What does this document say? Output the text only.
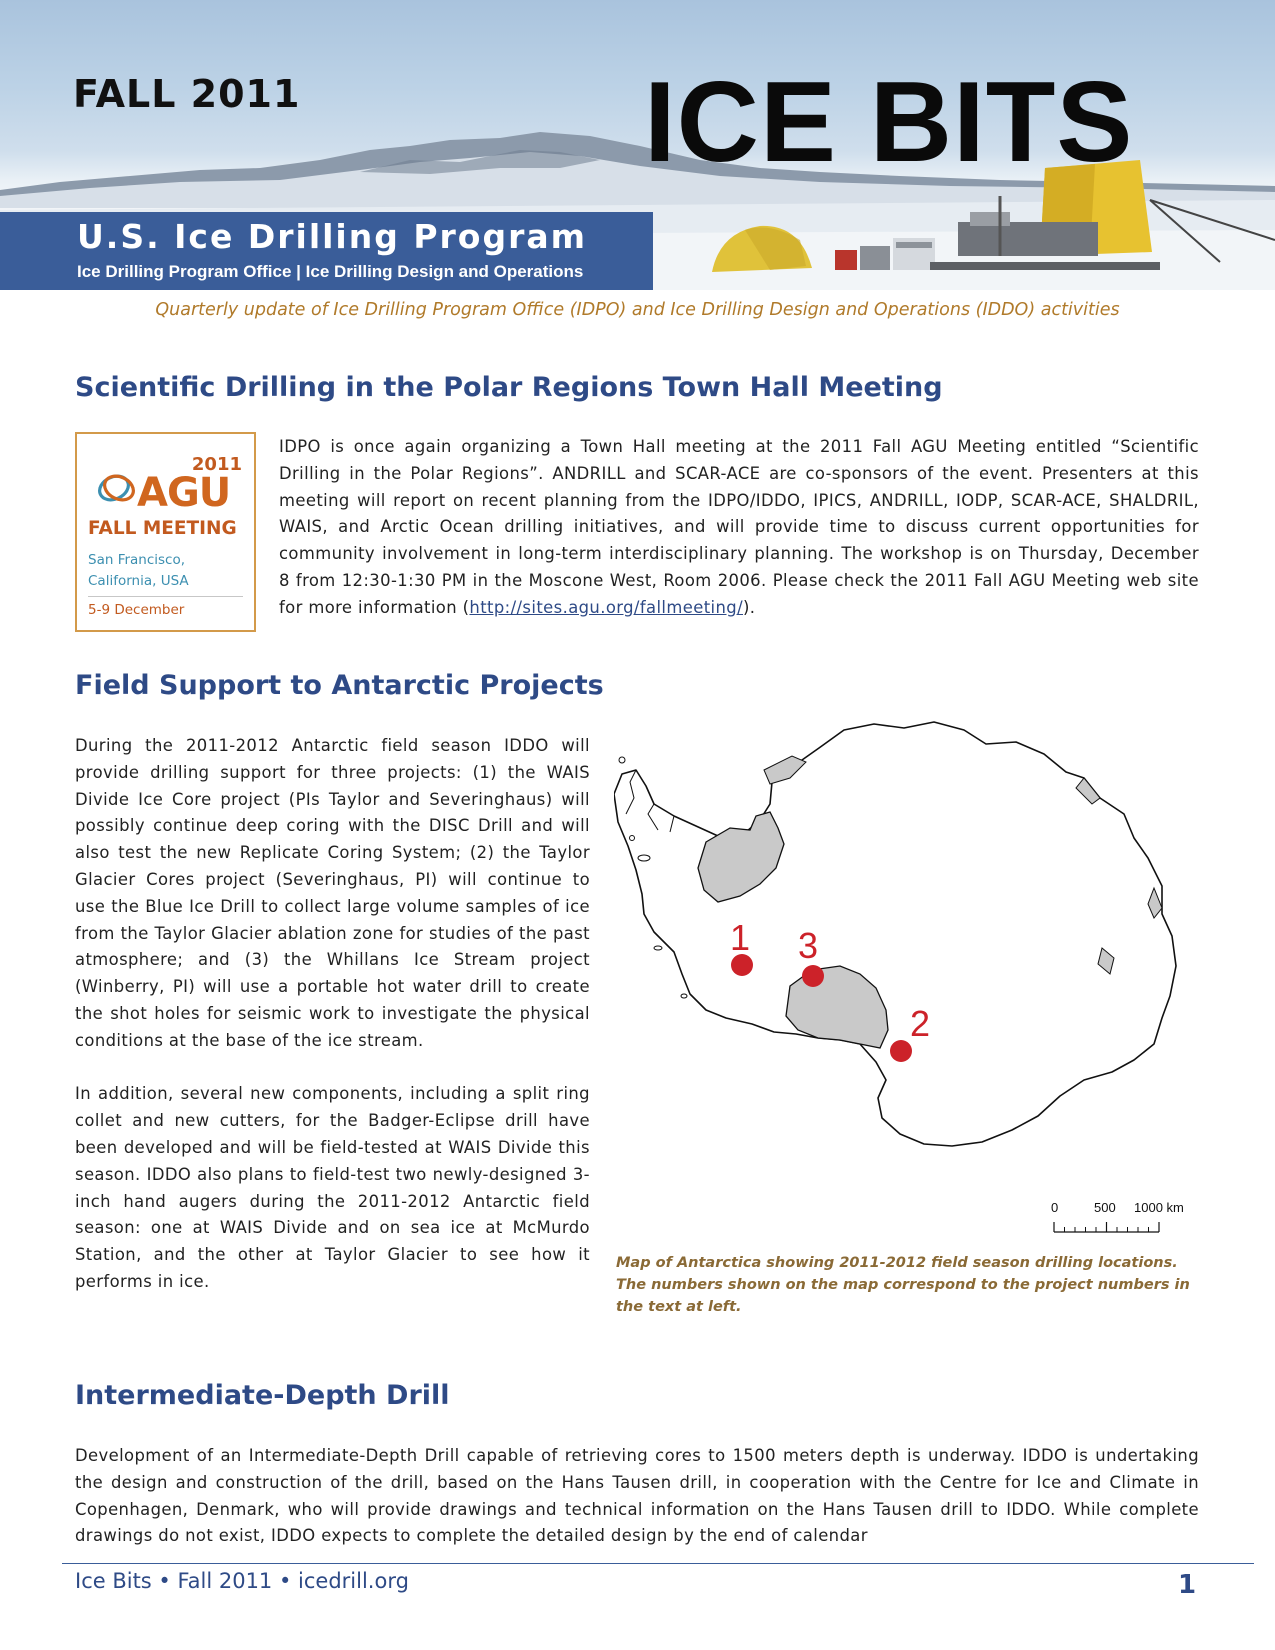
FALL 2011	ICE BITS
U.S. Ice Drilling Program
Ice Drilling Program Office | Ice Drilling Design and Operations
Quarterly update of Ice Drilling Program Office (IDPO) and Ice Drilling Design and Operations (IDDO) activities
Scientific Drilling in the Polar Regions Town Hall Meeting
2011
AGU
FALL MEETING
San Francisco,
California, USA
5-9 December
IDPO is once again organizing a Town Hall meeting at the 2011 Fall AGU Meeting entitled “Scientific Drilling in the Polar Regions”. ANDRILL and SCAR-ACE are co-sponsors of the event. Presenters at this meeting will report on recent planning from the IDPO/IDDO, IPICS, ANDRILL, IODP, SCAR-ACE, SHALDRIL, WAIS, and Arctic Ocean drilling initiatives, and will provide time to discuss current opportunities for community involvement in long-term interdisciplinary planning. The workshop is on Thursday, December 8 from 12:30-1:30 PM in the Moscone West, Room 2006. Please check the 2011 Fall AGU Meeting web site for more information (http://sites.agu.org/fallmeeting/).
Field Support to Antarctic Projects

During the 2011-2012 Antarctic field season IDDO will provide drilling support for three projects: (1) the WAIS Divide Ice Core project (PIs Taylor and Severinghaus) will possibly continue deep coring with the DISC Drill and will also test the new Replicate Coring System; (2) the Taylor Glacier Cores project (Severinghaus, PI) will continue to use the Blue Ice Drill to collect large volume samples of ice from the Taylor Glacier ablation zone for studies of the past atmosphere; and (3) the Whillans Ice Stream project (Winberry, PI) will use a portable hot water drill to create the shot holes for seismic work to investigate the physical conditions at the base of the ice stream.

In addition, several new components, including a split ring collet and new cutters, for the Badger-Eclipse drill have been developed and will be field-tested at WAIS Divide this season. IDDO also plans to field-test two newly-designed 3-inch hand augers during the 2011-2012 Antarctic field season: one at WAIS Divide and on sea ice at McMurdo Station, and the other at Taylor Glacier to see how it performs in ice.

1 3
2
0	500 1000 km
Map of Antarctica showing 2011-2012 field season drilling locations. The numbers shown on the map correspond to the project numbers in the text at left.
Intermediate-Depth Drill

Development of an Intermediate-Depth Drill capable of retrieving cores to 1500 meters depth is underway. IDDO is undertaking the design and construction of the drill, based on the Hans Tausen drill, in cooperation with the Centre for Ice and Climate in Copenhagen, Denmark, who will provide drawings and technical information on the Hans Tausen drill to IDDO. While complete drawings do not exist, IDDO expects to complete the detailed design by the end of calendar

Ice Bits • Fall 2011 • icedrill.org	1
